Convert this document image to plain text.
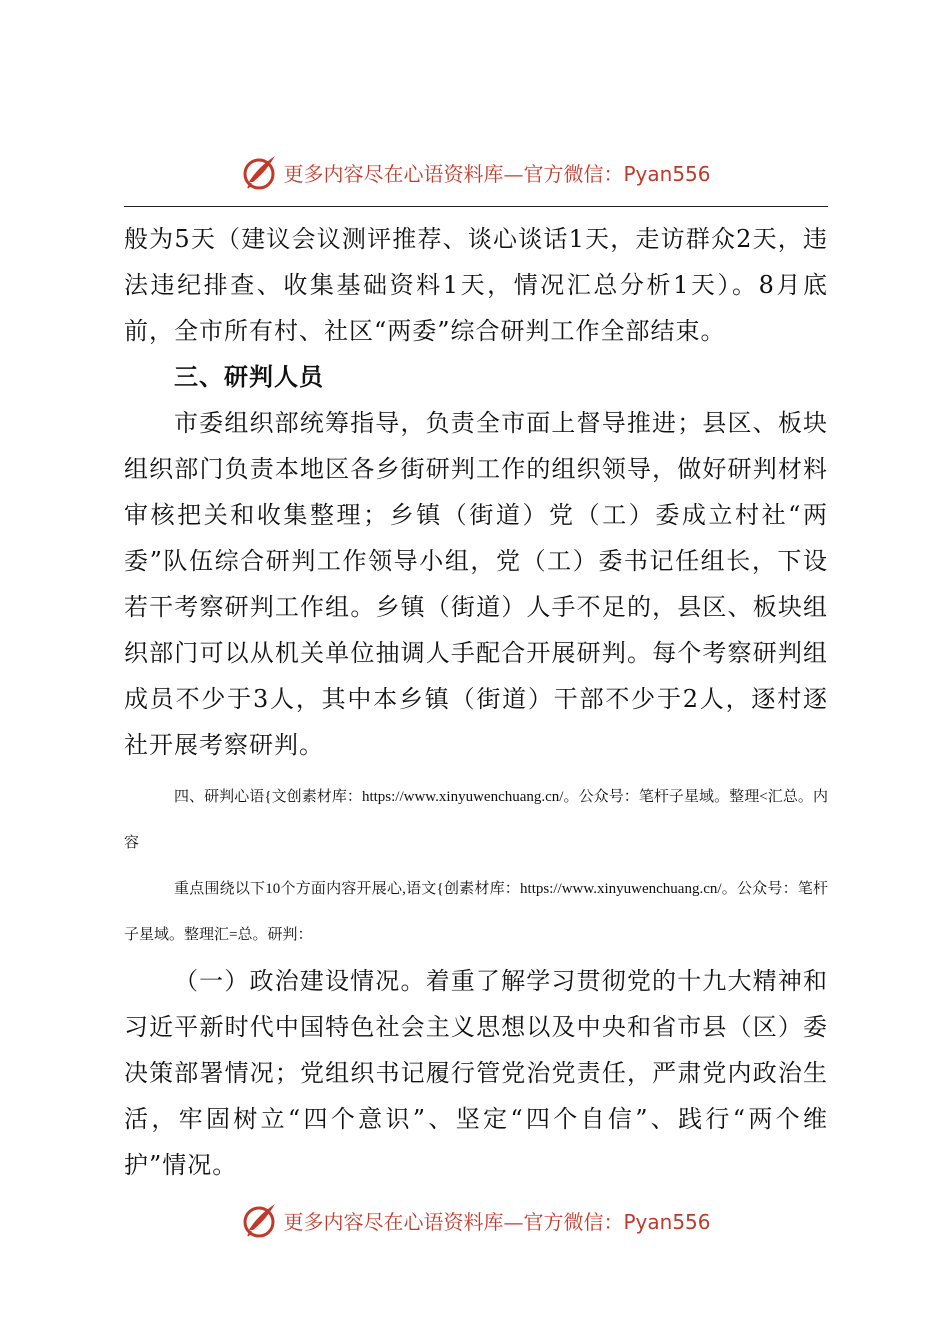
更多内容尽在心语资料库—官方微信：Pyan556

般为5天（建议会议测评推荐、谈心谈话1天，走访群众2天，违法违纪排查、收集基础资料1天，情况汇总分析1天）。8月底前，全市所有村、社区“两委”综合研判工作全部结束。

三、研判人员

市委组织部统筹指导，负责全市面上督导推进；县区、板块组织部门负责本地区各乡街研判工作的组织领导，做好研判材料审核把关和收集整理；乡镇（街道）党（工）委成立村社“两委”队伍综合研判工作领导小组，党（工）委书记任组长，下设若干考察研判工作组。乡镇（街道）人手不足的，县区、板块组织部门可以从机关单位抽调人手配合开展研判。每个考察研判组成员不少于3人，其中本乡镇（街道）干部不少于2人，逐村逐社开展考察研判。

四、研判心语{文创素材库：https://www.xinyuwenchuang.cn/。公众号：笔杆子星域。整理<汇总。内容

重点围绕以下10个方面内容开展心,语文{创素材库：https://www.xinyuwenchuang.cn/。公众号：笔杆子星域。整理汇=总。研判：

（一）政治建设情况。着重了解学习贯彻党的十九大精神和习近平新时代中国特色社会主义思想以及中央和省市县（区）委决策部署情况；党组织书记履行管党治党责任，严肃党内政治生活，牢固树立“四个意识”、坚定“四个自信”、践行“两个维护”情况。

更多内容尽在心语资料库—官方微信：Pyan556
